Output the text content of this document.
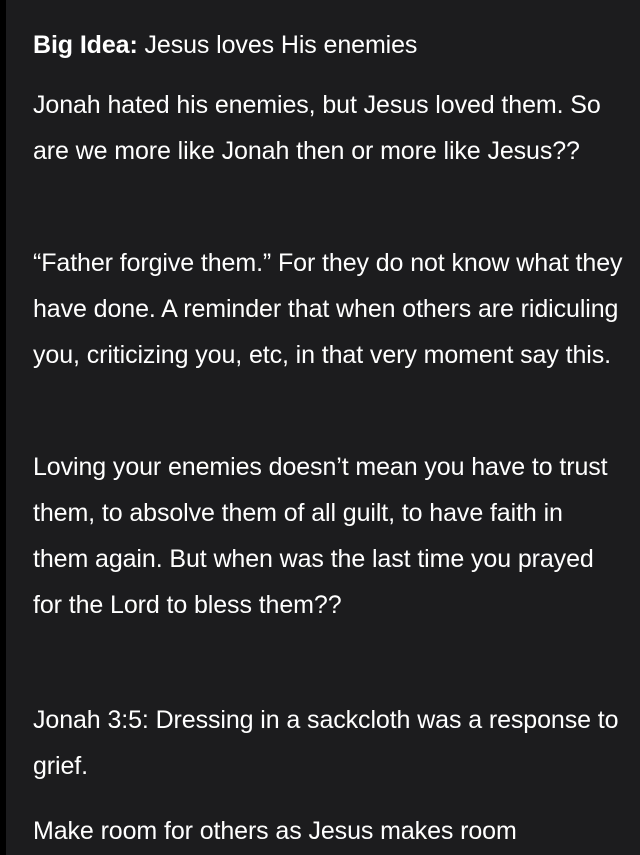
Big Idea: Jesus loves His enemies

Jonah hated his enemies, but Jesus loved them. So are we more like Jonah then or more like Jesus??

“Father forgive them.” For they do not know what they have done. A reminder that when others are ridiculing you, criticizing you, etc, in that very moment say this.

Loving your enemies doesn’t mean you have to trust them, to absolve them of all guilt, to have faith in them again. But when was the last time you prayed for the Lord to bless them??

Jonah 3:5: Dressing in a sackcloth was a response to grief.

Make room for others as Jesus makes room
